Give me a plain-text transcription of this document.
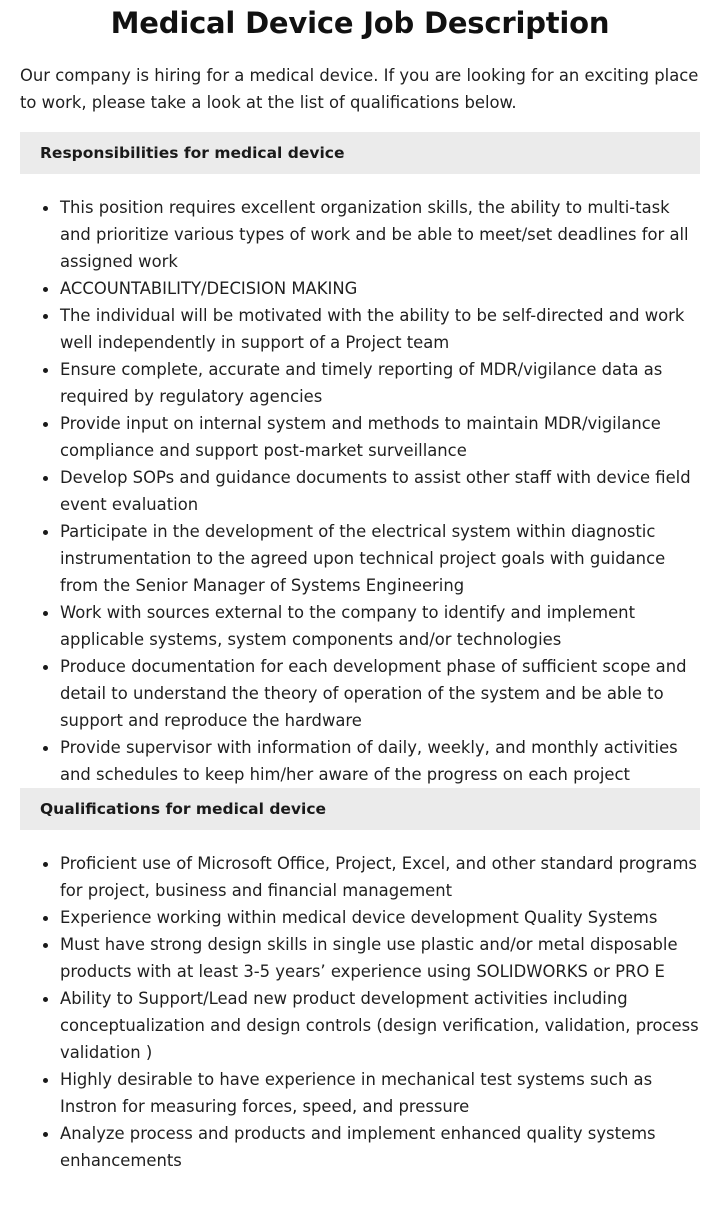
Medical Device Job Description

Our company is hiring for a medical device. If you are looking for an exciting place to work, please take a look at the list of qualifications below.

Responsibilities for medical device
This position requires excellent organization skills, the ability to multi-task and prioritize various types of work and be able to meet/set deadlines for all assigned work
ACCOUNTABILITY/DECISION MAKING
The individual will be motivated with the ability to be self-directed and work well independently in support of a Project team
Ensure complete, accurate and timely reporting of MDR/vigilance data as required by regulatory agencies
Provide input on internal system and methods to maintain MDR/vigilance compliance and support post-market surveillance
Develop SOPs and guidance documents to assist other staff with device field event evaluation
Participate in the development of the electrical system within diagnostic instrumentation to the agreed upon technical project goals with guidance from the Senior Manager of Systems Engineering
Work with sources external to the company to identify and implement applicable systems, system components and/or technologies
Produce documentation for each development phase of sufficient scope and detail to understand the theory of operation of the system and be able to support and reproduce the hardware
Provide supervisor with information of daily, weekly, and monthly activities and schedules to keep him/her aware of the progress on each project
Qualifications for medical device
Proficient use of Microsoft Office, Project, Excel, and other standard programs for project, business and financial management
Experience working within medical device development Quality Systems
Must have strong design skills in single use plastic and/or metal disposable products with at least 3-5 years’ experience using SOLIDWORKS or PRO E
Ability to Support/Lead new product development activities including conceptualization and design controls (design verification, validation, process validation )
Highly desirable to have experience in mechanical test systems such as Instron for measuring forces, speed, and pressure
Analyze process and products and implement enhanced quality systems enhancements
